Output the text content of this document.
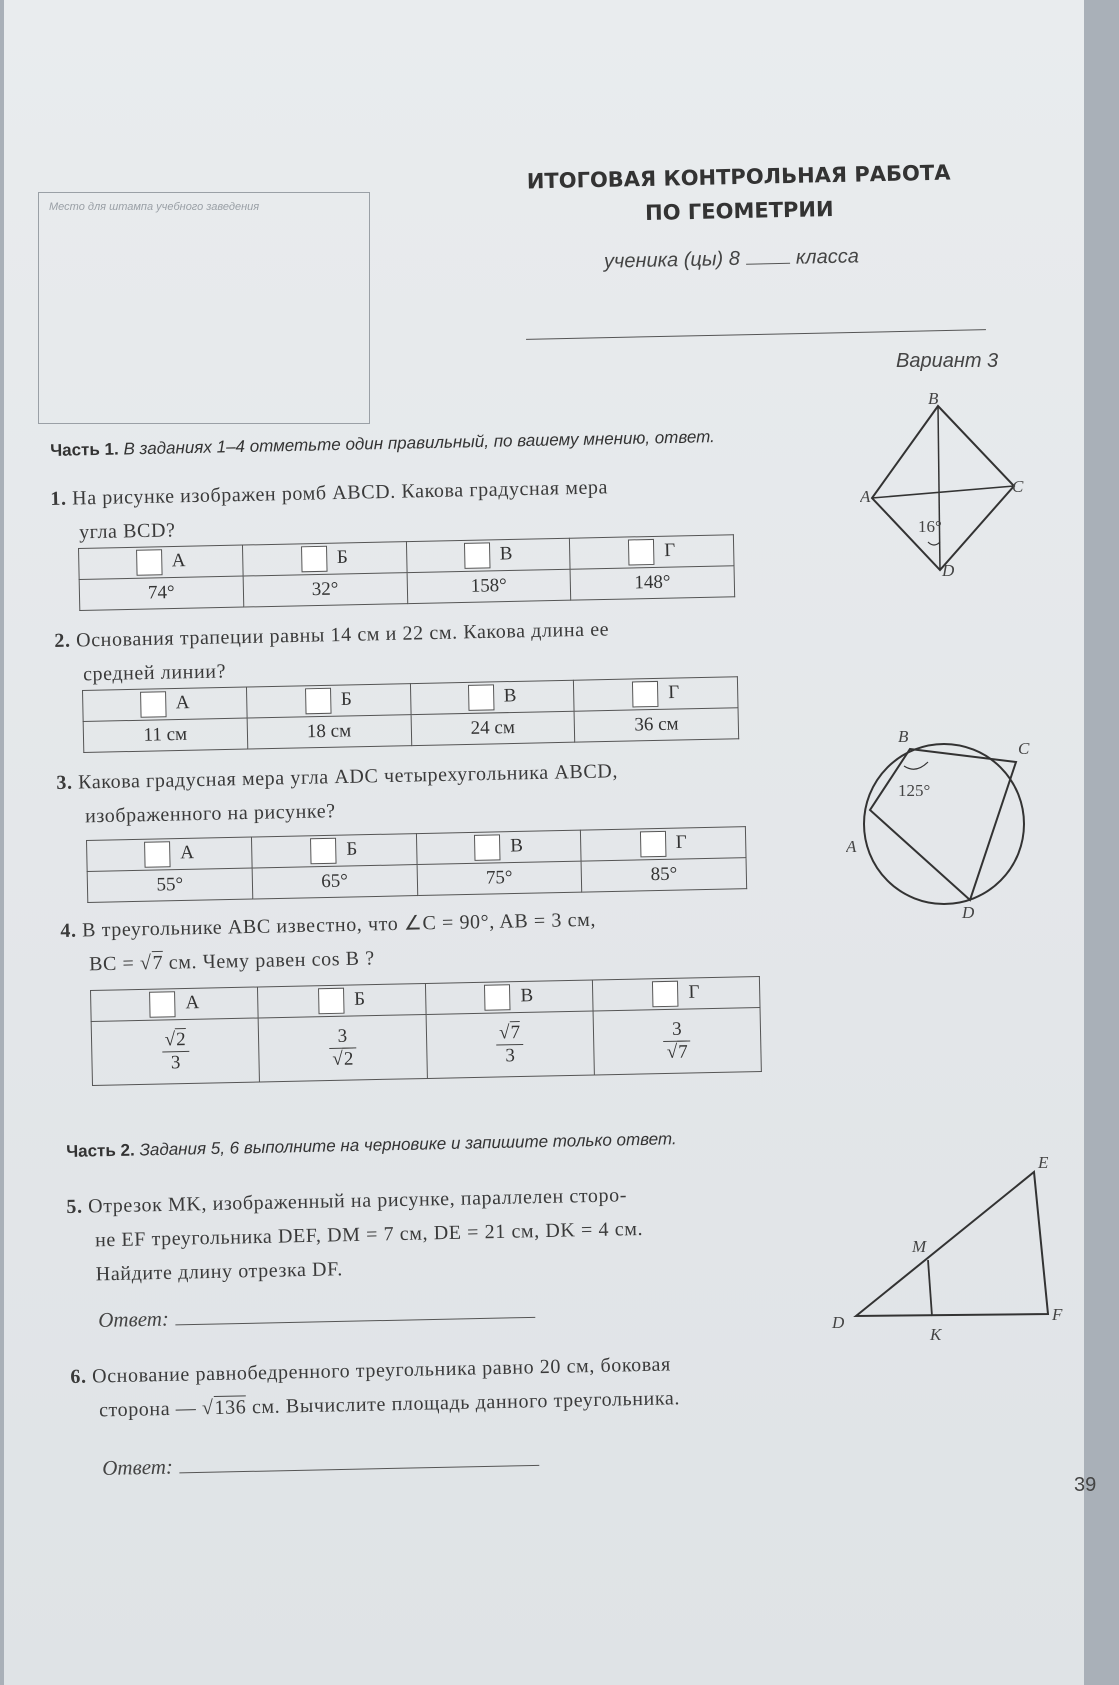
Место для штампа учебного заведения
ИТОГОВАЯ КОНТРОЛЬНАЯ РАБОТА
ПО ГЕОМЕТРИИ
ученика (цы) 8	класса
Вариант 3
Часть 1. В заданиях 1–4 отметьте один правильный, по вашему мнению, ответ.
1. На рисунке изображен ромб ABCD. Какова градусная мера
угла BCD?
А	Б	В	Г
74°	32°	158°	148°
2. Основания трапеции равны 14 см и 22 см. Какова длина ее
средней линии?
А	Б	В	Г
11 см	18 см	24 см	36 см
3. Какова градусная мера угла ADC четырехугольника ABCD,
изображенного на рисунке?
А	Б	В	Г
55°	65°	75°	85°
4. В треугольнике ABC известно, что ∠C = 90°, AB = 3 см,
BC = √7 см. Чему равен cos B ?
А	Б	В	Г

$\frac{√2}{3}$	$\frac{3}{√2}$	$\frac{√7}{3}$	$\frac{3}{√7}$
Часть 2. Задания 5, 6 выполните на черновике и запишите только ответ.
5. Отрезок MK, изображенный на рисунке, параллелен сторо-
не EF треугольника DEF, DM = 7 см, DE = 21 см, DK = 4 см.
Найдите длину отрезка DF.
Ответ:
6. Основание равнобедренного треугольника равно 20 см, боковая
сторона — √136 см. Вычислите площадь данного треугольника.
Ответ:
B
A
C
D
16°
B
C
A
D
125°
E
M
D
K
F
39
